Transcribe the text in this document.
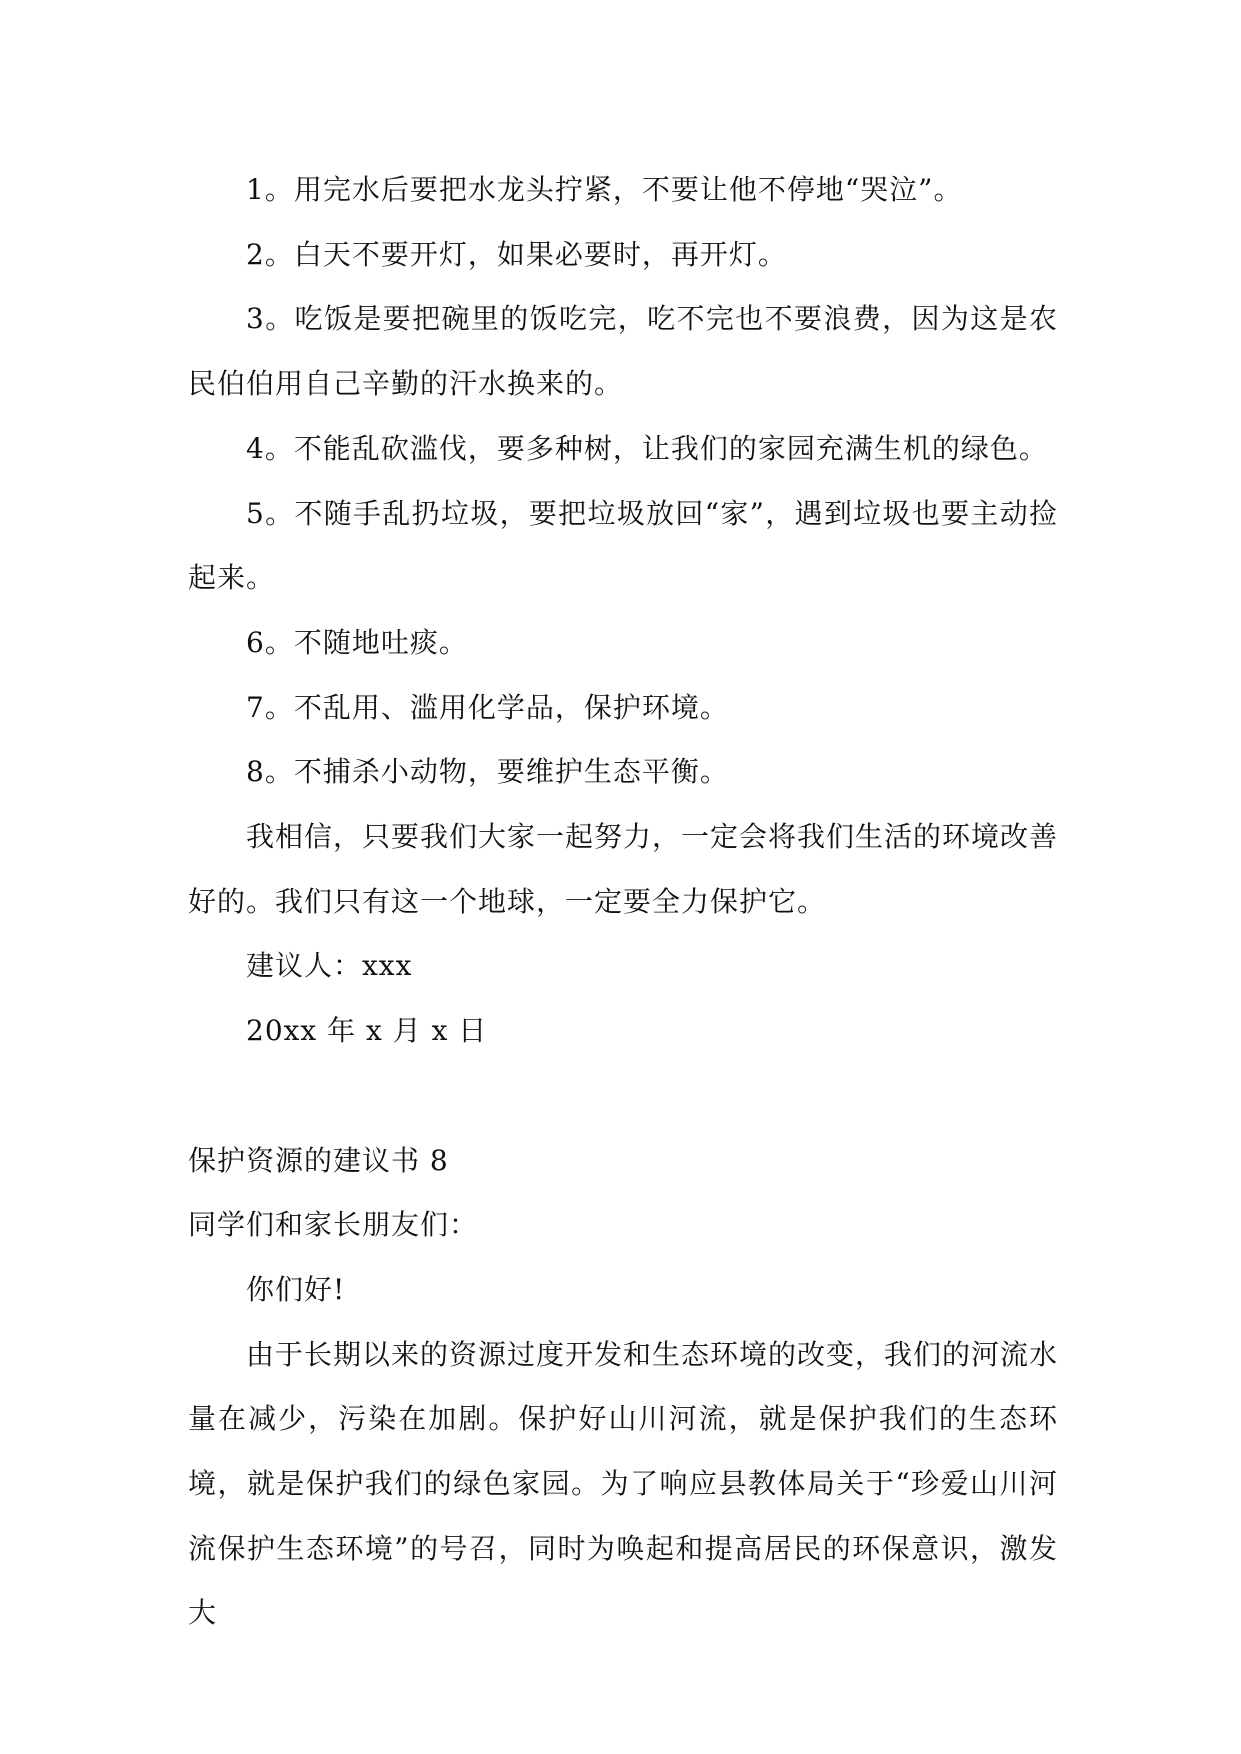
1。用完水后要把水龙头拧紧，不要让他不停地“哭泣”。

2。白天不要开灯，如果必要时，再开灯。

3。吃饭是要把碗里的饭吃完，吃不完也不要浪费，因为这是农民伯伯用自己辛勤的汗水换来的。

4。不能乱砍滥伐，要多种树，让我们的家园充满生机的绿色。

5。不随手乱扔垃圾，要把垃圾放回“家”，遇到垃圾也要主动捡起来。

6。不随地吐痰。

7。不乱用、滥用化学品，保护环境。

8。不捕杀小动物，要维护生态平衡。

我相信，只要我们大家一起努力，一定会将我们生活的环境改善好的。我们只有这一个地球，一定要全力保护它。

建议人：xxx

20xx 年 x 月 x 日

保护资源的建议书 8

同学们和家长朋友们：

你们好!

由于长期以来的资源过度开发和生态环境的改变，我们的河流水量在减少，污染在加剧。保护好山川河流，就是保护我们的生态环境，就是保护我们的绿色家园。为了响应县教体局关于“珍爱山川河流保护生态环境”的号召，同时为唤起和提高居民的环保意识，激发大
